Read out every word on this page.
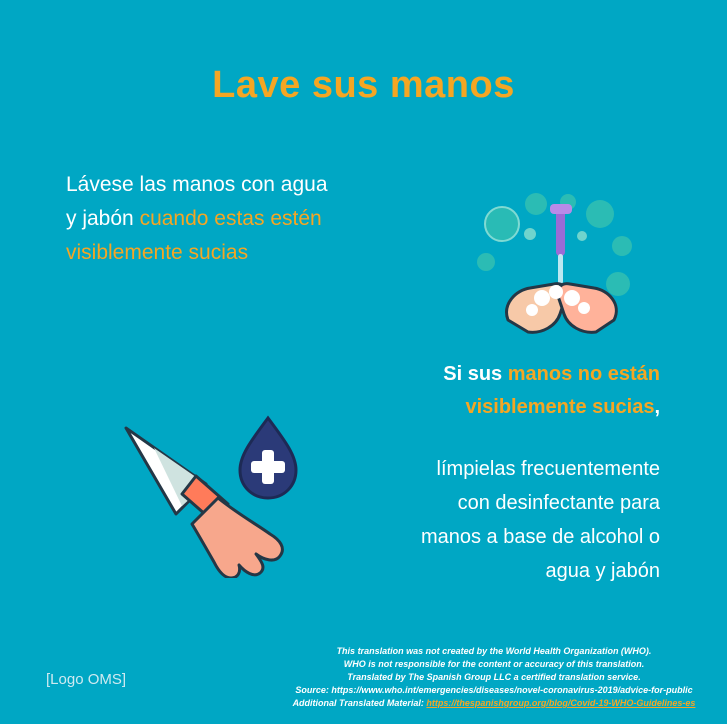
Lave sus manos
Lávese las manos con agua
y jabón cuando estas estén
visiblemente sucias
Si sus manos no están
visiblemente sucias,
límpielas frecuentemente
con desinfectante para
manos a base de alcohol o
agua y jabón
[Logo OMS]
This translation was not created by the World Health Organization (WHO).
WHO is not responsible for the content or accuracy of this translation.
Translated by The Spanish Group LLC a certified translation service.
Source: https://www.who.int/emergencies/diseases/novel-coronavirus-2019/advice-for-public
Additional Translated Material: https://thespanishgroup.org/blog/Covid-19-WHO-Guidelines-es
